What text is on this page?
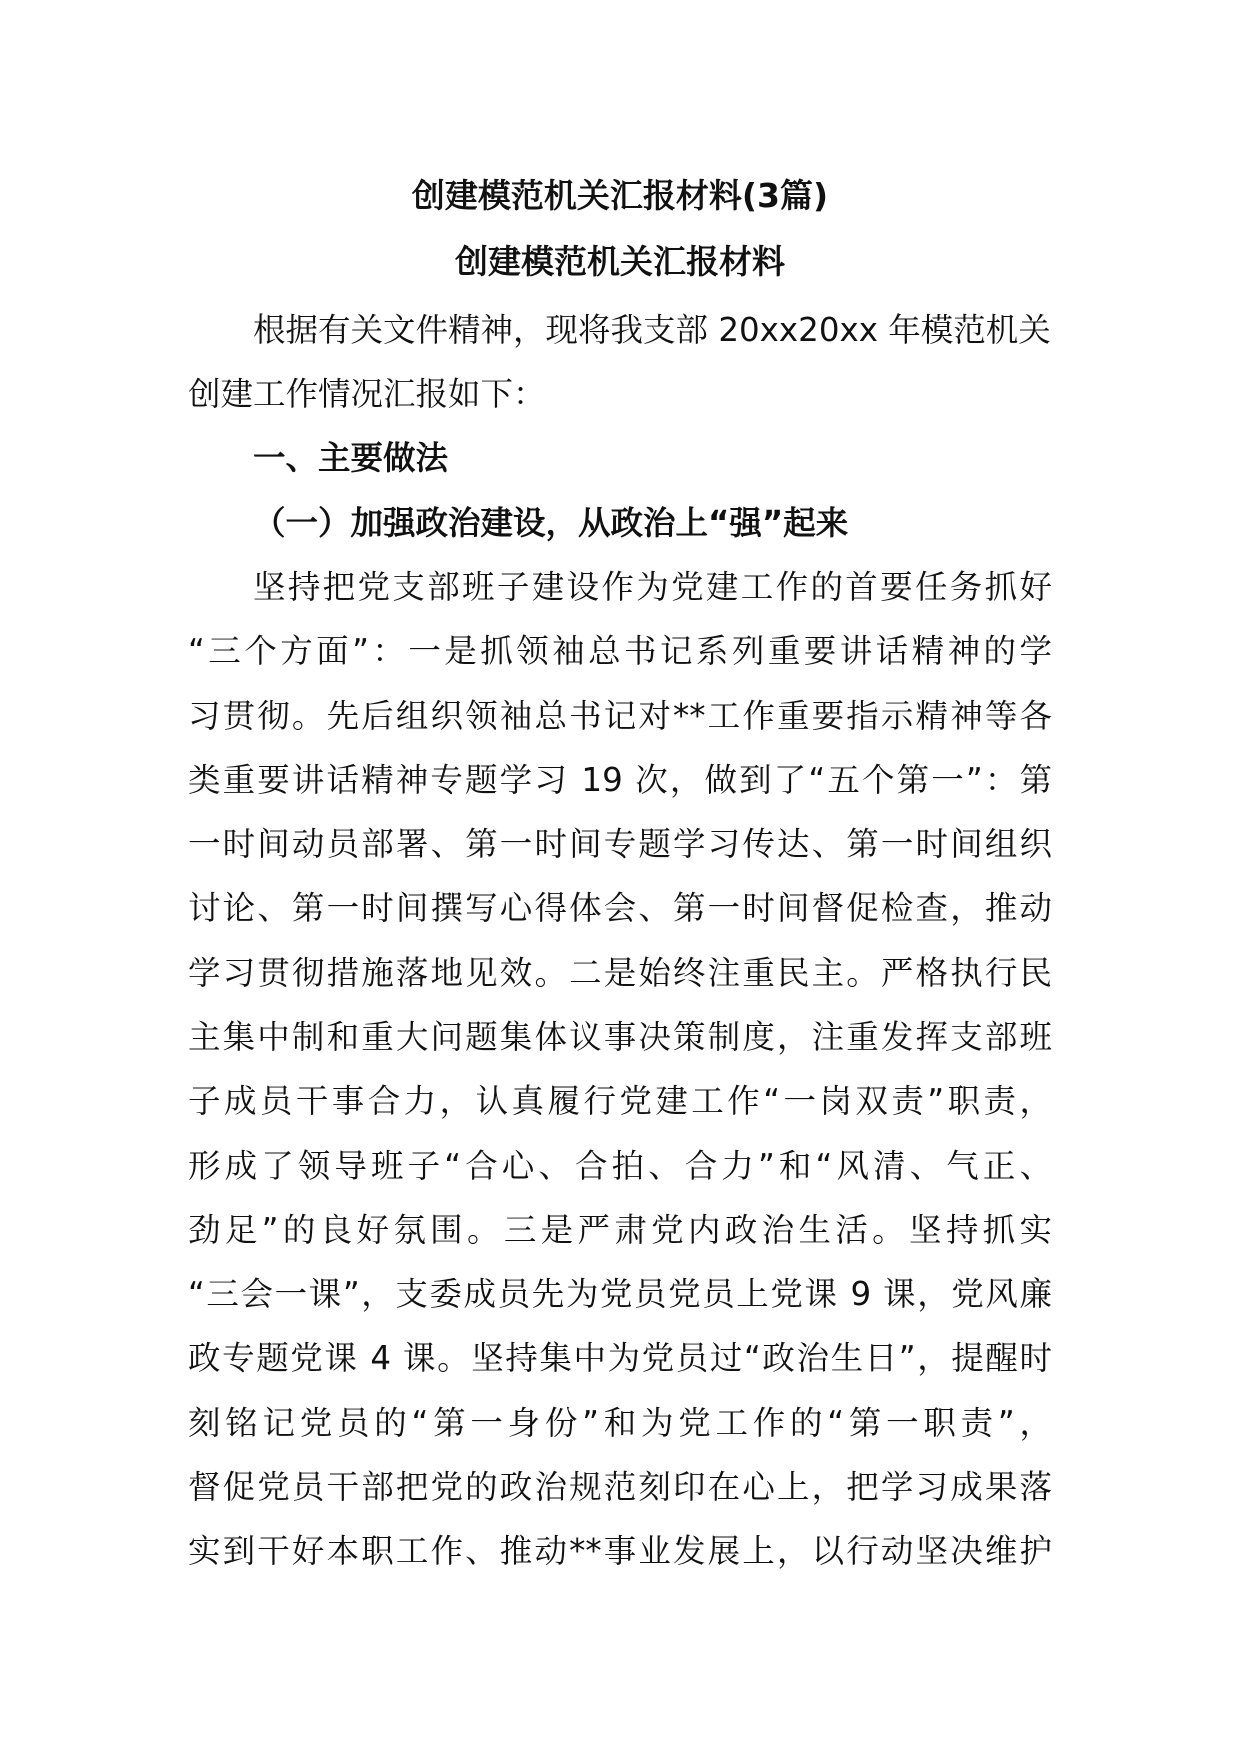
创建模范机关汇报材料(3篇)
创建模范机关汇报材料

根据有关文件精神，现将我支部 20xx20xx 年模范机关

创建工作情况汇报如下：

一、主要做法

（一）加强政治建设，从政治上“强”起来

坚持把党支部班子建设作为党建工作的首要任务抓好

“三个方面”：一是抓领袖总书记系列重要讲话精神的学

习贯彻。先后组织领袖总书记对**工作重要指示精神等各

类重要讲话精神专题学习 19 次，做到了“五个第一”：第

一时间动员部署、第一时间专题学习传达、第一时间组织

讨论、第一时间撰写心得体会、第一时间督促检查，推动

学习贯彻措施落地见效。二是始终注重民主。严格执行民

主集中制和重大问题集体议事决策制度，注重发挥支部班

子成员干事合力，认真履行党建工作“一岗双责”职责，

形成了领导班子“合心、合拍、合力”和“风清、气正、

劲足”的良好氛围。三是严肃党内政治生活。坚持抓实

“三会一课”，支委成员先为党员党员上党课 9 课，党风廉

政专题党课 4 课。坚持集中为党员过“政治生日”，提醒时

刻铭记党员的“第一身份”和为党工作的“第一职责”，

督促党员干部把党的政治规范刻印在心上，把学习成果落

实到干好本职工作、推动**事业发展上，以行动坚决维护
